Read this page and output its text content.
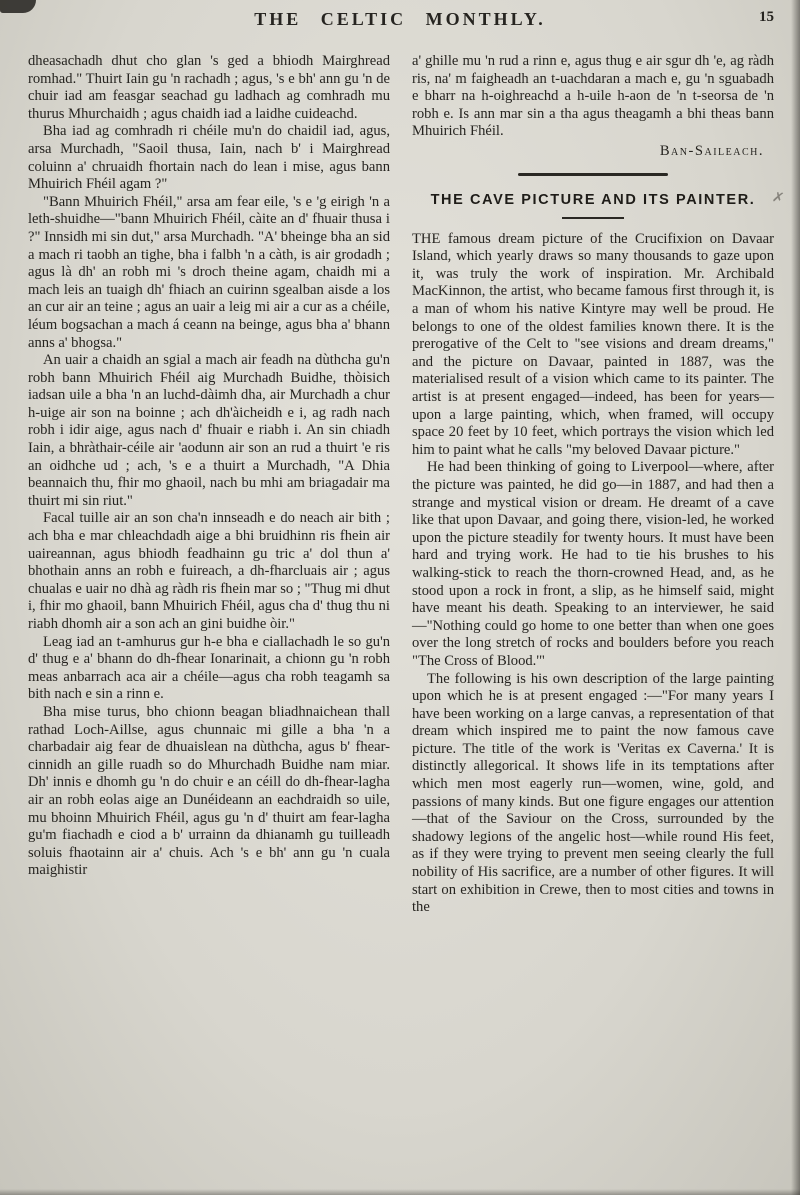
THE CELTIC MONTHLY.	15

dheasachadh dhut cho glan 's ged a bhiodh Mairghread romhad." Thuirt Iain gu 'n rachadh ; agus, 's e bh' ann gu 'n de chuir iad am feasgar seachad gu ladhach ag comhradh mu thurus Mhurchaidh ; agus chaidh iad a laidhe cuideachd.

Bha iad ag comhradh ri chéile mu'n do chaidil iad, agus, arsa Murchadh, "Saoil thusa, Iain, nach b' i Mairghread coluinn a' chruaidh fhortain nach do lean i mise, agus bann Mhuirich Fhéil agam ?"

"Bann Mhuirich Fhéil," arsa am fear eile, 's e 'g eirigh 'n a leth-shuidhe—"bann Mhuirich Fhéil, càite an d' fhuair thusa i ?" Innsidh mi sin dut," arsa Murchadh. "A' bheinge bha an sid a mach ri taobh an tighe, bha i falbh 'n a càth, is air grodadh ; agus là dh' an robh mi 's droch theine agam, chaidh mi a mach leis an tuaigh dh' fhiach an cuirinn sgealban aisde a los an cur air an teine ; agus an uair a leig mi air a cur as a chéile, léum bogsachan a mach á ceann na beinge, agus bha a' bhann anns a' bhogsa."

An uair a chaidh an sgial a mach air feadh na dùthcha gu'n robh bann Mhuirich Fhéil aig Murchadh Buidhe, thòisich iadsan uile a bha 'n an luchd-dàimh dha, air Murchadh a chur h-uige air son na boinne ; ach dh'àicheidh e i, ag radh nach robh i idir aige, agus nach d' fhuair e riabh i. An sin chiadh Iain, a bhràthair-céile air 'aodunn air son an rud a thuirt 'e ris an oidhche ud ; ach, 's e a thuirt a Murchadh, "A Dhia beannaich thu, fhir mo ghaoil, nach bu mhi am briagadair ma thuirt mi sin riut."

Facal tuille air an son cha'n innseadh e do neach air bith ; ach bha e mar chleachdadh aige a bhi bruidhinn ris fhein air uaireannan, agus bhiodh feadhainn gu tric a' dol thun a' bhothain anns an robh e fuireach, a dh-fharcluais air ; agus chualas e uair no dhà ag ràdh ris fhein mar so ; "Thug mi dhut i, fhir mo ghaoil, bann Mhuirich Fhéil, agus cha d' thug thu ni riabh dhomh air a son ach an gini buidhe òir."

Leag iad an t-amhurus gur h-e bha e ciallachadh le so gu'n d' thug e a' bhann do dh-fhear Ionarinait, a chionn gu 'n robh meas anbarrach aca air a chéile—agus cha robh teagamh sa bith nach e sin a rinn e.

Bha mise turus, bho chionn beagan bliadhnaichean thall rathad Loch-Aillse, agus chunnaic mi gille a bha 'n a charbadair aig fear de dhuaislean na dùthcha, agus b' fhear-cinnidh an gille ruadh so do Mhurchadh Buidhe nam miar. Dh' innis e dhomh gu 'n do chuir e an céill do dh-fhear-lagha air an robh eolas aige an Dunéideann an eachdraidh so uile, mu bhoinn Mhuirich Fhéil, agus gu 'n d' thuirt am fear-lagha gu'm fiachadh e ciod a b' urrainn da dhianamh gu tuilleadh soluis fhaotainn air a' chuis. Ach 's e bh' ann gu 'n cuala maighistir

a' ghille mu 'n rud a rinn e, agus thug e air sgur dh 'e, ag ràdh ris, na' m faigheadh an t-uachdaran a mach e, gu 'n sguabadh e bharr na h-oighreachd a h-uile h-aon de 'n t-seorsa de 'n robh e. Is ann mar sin a tha agus theagamh a bhi theas bann Mhuirich Fhéil.

Ban-Saileach.
THE CAVE PICTURE AND ITS PAINTER.	✗

THE famous dream picture of the Crucifixion on Davaar Island, which yearly draws so many thousands to gaze upon it, was truly the work of inspiration. Mr. Archibald MacKinnon, the artist, who became famous first through it, is a man of whom his native Kintyre may well be proud. He belongs to one of the oldest families known there. It is the prerogative of the Celt to "see visions and dream dreams," and the picture on Davaar, painted in 1887, was the materialised result of a vision which came to its painter. The artist is at present engaged—indeed, has been for years—upon a large painting, which, when framed, will occupy space 20 feet by 10 feet, which portrays the vision which led him to paint what he calls "my beloved Davaar picture."

He had been thinking of going to Liverpool—where, after the picture was painted, he did go—in 1887, and had then a strange and mystical vision or dream. He dreamt of a cave like that upon Davaar, and going there, vision-led, he worked upon the picture steadily for twenty hours. It must have been hard and trying work. He had to tie his brushes to his walking-stick to reach the thorn-crowned Head, and, as he stood upon a rock in front, a slip, as he himself said, might have meant his death. Speaking to an interviewer, he said—"Nothing could go home to one better than when one goes over the long stretch of rocks and boulders before you reach "The Cross of Blood.'"

The following is his own description of the large painting upon which he is at present engaged :—"For many years I have been working on a large canvas, a representation of that dream which inspired me to paint the now famous cave picture. The title of the work is 'Veritas ex Caverna.' It is distinctly allegorical. It shows life in its temptations after which men most eagerly run—women, wine, gold, and passions of many kinds. But one figure engages our attention—that of the Saviour on the Cross, surrounded by the shadowy legions of the angelic host—while round His feet, as if they were trying to prevent men seeing clearly the full nobility of His sacrifice, are a number of other figures. It will start on exhibition in Crewe, then to most cities and towns in the
